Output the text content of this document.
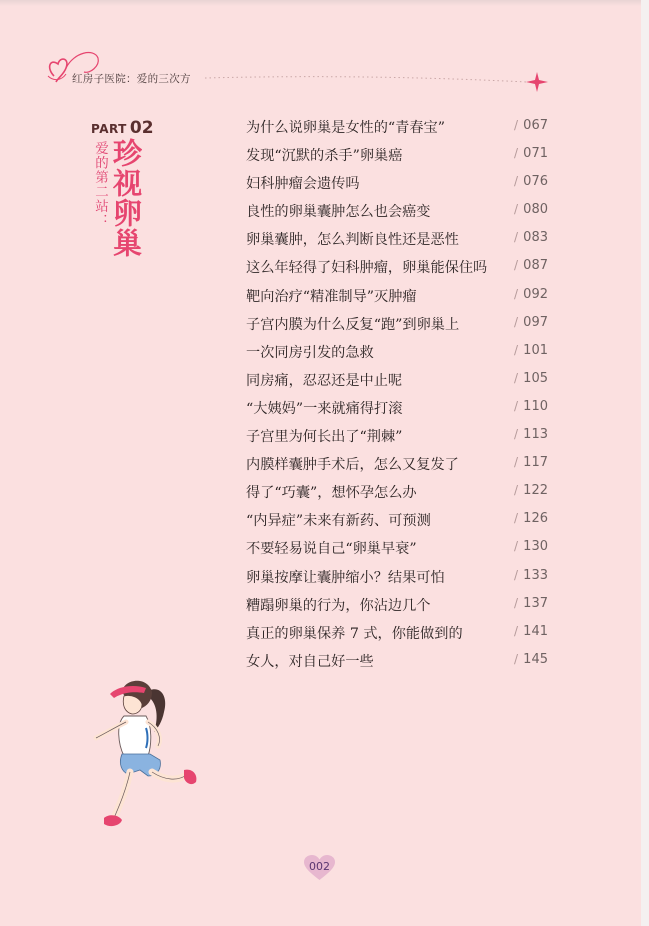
红房子医院：爱的三次方
PART 02
爱的第二站： 珍视卵巢
为什么说卵巢是女性的“青春宝”	/ 067
发现“沉默的杀手”卵巢癌	/ 071
妇科肿瘤会遗传吗	/ 076
良性的卵巢囊肿怎么也会癌变	/ 080
卵巢囊肿，怎么判断良性还是恶性	/ 083
这么年轻得了妇科肿瘤，卵巢能保住吗 / 087
靶向治疗“精准制导”灭肿瘤	/ 092
子宫内膜为什么反复“跑”到卵巢上	/ 097
一次同房引发的急救	/ 101
同房痛，忍忍还是中止呢	/ 105
“大姨妈”一来就痛得打滚	/ 110
子宫里为何长出了“荆棘”	/ 113
内膜样囊肿手术后，怎么又复发了	/ 117
得了“巧囊”，想怀孕怎么办	/ 122
“内异症”未来有新药、可预测	/ 126
不要轻易说自己“卵巢早衰”	/ 130
卵巢按摩让囊肿缩小？结果可怕	/ 133
糟蹋卵巢的行为，你沾边几个	/ 137
真正的卵巢保养 7 式，你能做到的	/ 141
女人，对自己好一些	/ 145
002
